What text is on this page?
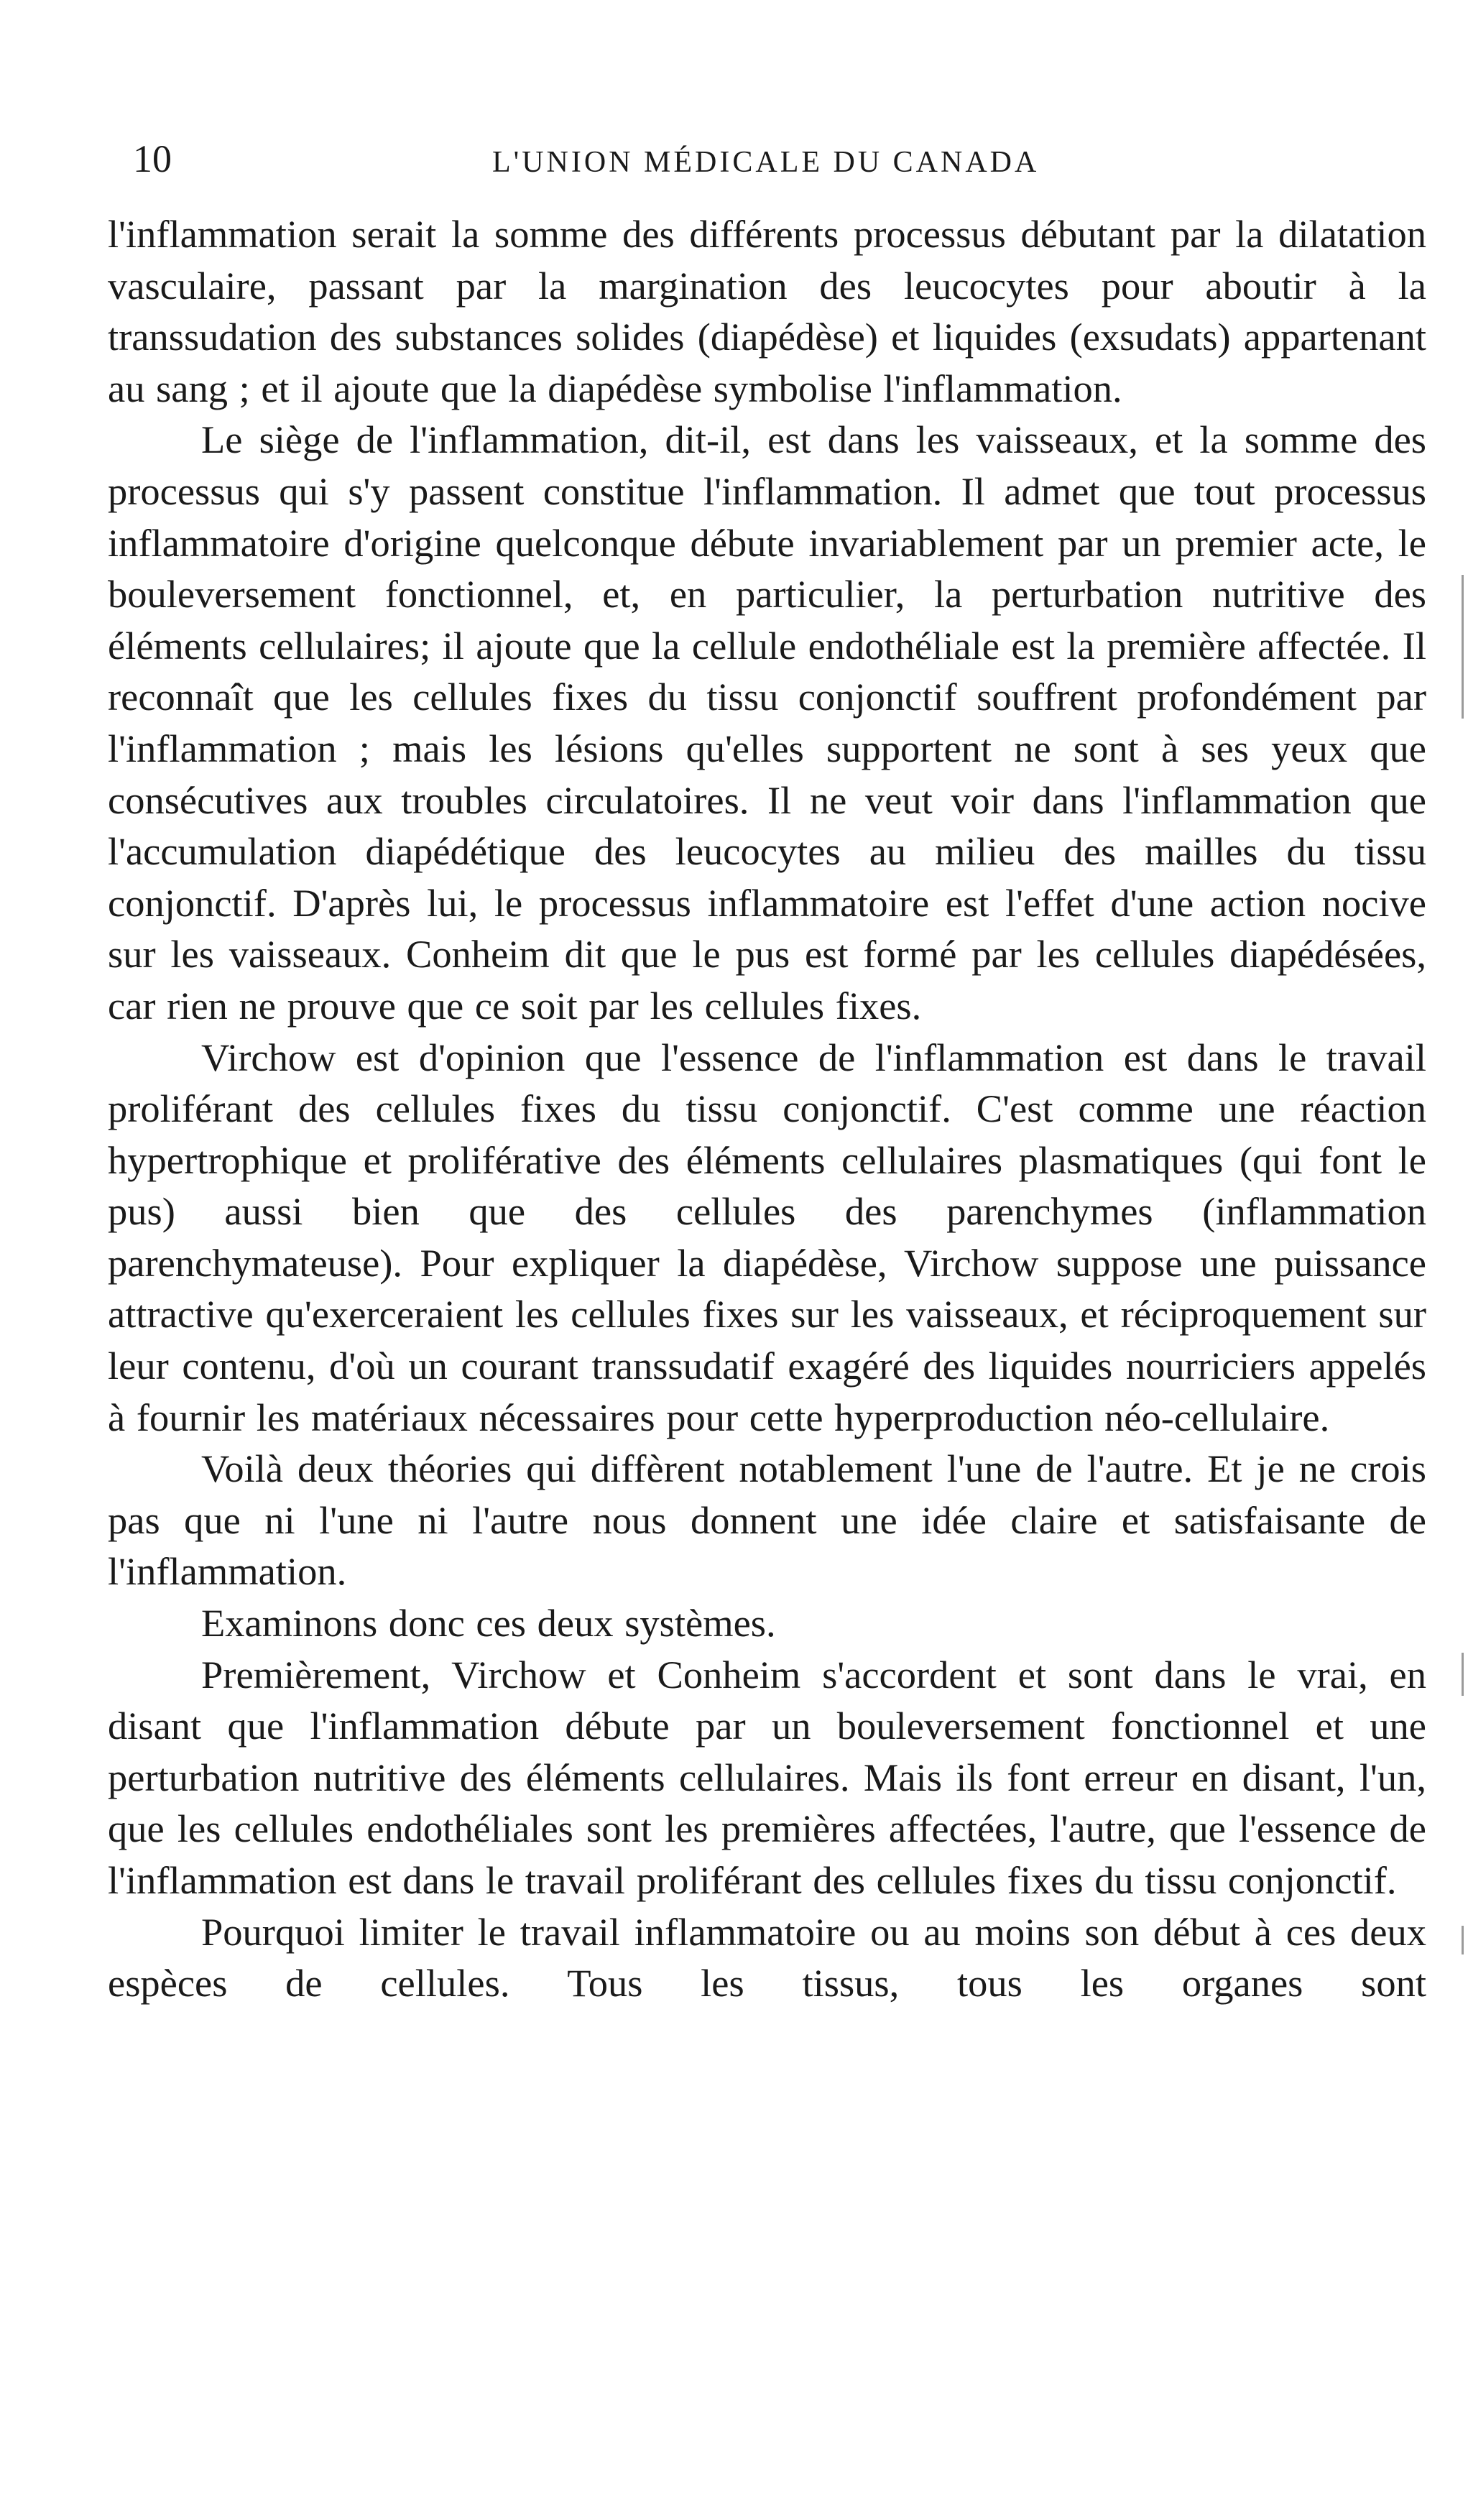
10	L'UNION MÉDICALE DU CANADA

l'inflammation serait la somme des différents processus débutant par la dilatation vasculaire, passant par la margination des leucocytes pour aboutir à la transsudation des substances solides (diapédèse) et liquides (exsudats) appartenant au sang ; et il ajoute que la diapédèse symbolise l'inflammation.

Le siège de l'inflammation, dit-il, est dans les vaisseaux, et la somme des processus qui s'y passent constitue l'inflammation. Il admet que tout processus inflammatoire d'origine quelconque débute invariablement par un premier acte, le bouleversement fonctionnel, et, en particulier, la perturbation nutritive des éléments cellulaires; il ajoute que la cellule endothéliale est la première affectée. Il reconnaît que les cellules fixes du tissu conjonctif souffrent profondément par l'inflammation ; mais les lésions qu'elles supportent ne sont à ses yeux que consécutives aux troubles circulatoires. Il ne veut voir dans l'inflammation que l'accumulation diapédétique des leucocytes au milieu des mailles du tissu conjonctif. D'après lui, le processus inflammatoire est l'effet d'une action nocive sur les vaisseaux. Conheim dit que le pus est formé par les cellules diapédésées, car rien ne prouve que ce soit par les cellules fixes.

Virchow est d'opinion que l'essence de l'inflammation est dans le travail proliférant des cellules fixes du tissu conjonctif. C'est comme une réaction hypertrophique et proliférative des éléments cellulaires plasmatiques (qui font le pus) aussi bien que des cellules des parenchymes (inflammation parenchymateuse). Pour expliquer la diapédèse, Virchow suppose une puissance attractive qu'exerceraient les cellules fixes sur les vaisseaux, et réciproquement sur leur contenu, d'où un courant transsudatif exagéré des liquides nourriciers appelés à fournir les matériaux nécessaires pour cette hyperproduction néo-cellulaire.

Voilà deux théories qui diffèrent notablement l'une de l'autre. Et je ne crois pas que ni l'une ni l'autre nous donnent une idée claire et satisfaisante de l'inflammation.

Examinons donc ces deux systèmes.

Premièrement, Virchow et Conheim s'accordent et sont dans le vrai, en disant que l'inflammation débute par un bouleversement fonctionnel et une perturbation nutritive des éléments cellulaires. Mais ils font erreur en disant, l'un, que les cellules endothéliales sont les premières affectées, l'autre, que l'essence de l'inflammation est dans le travail proliférant des cellules fixes du tissu conjonctif.

Pourquoi limiter le travail inflammatoire ou au moins son début à ces deux espèces de cellules. Tous les tissus, tous les organes sont
